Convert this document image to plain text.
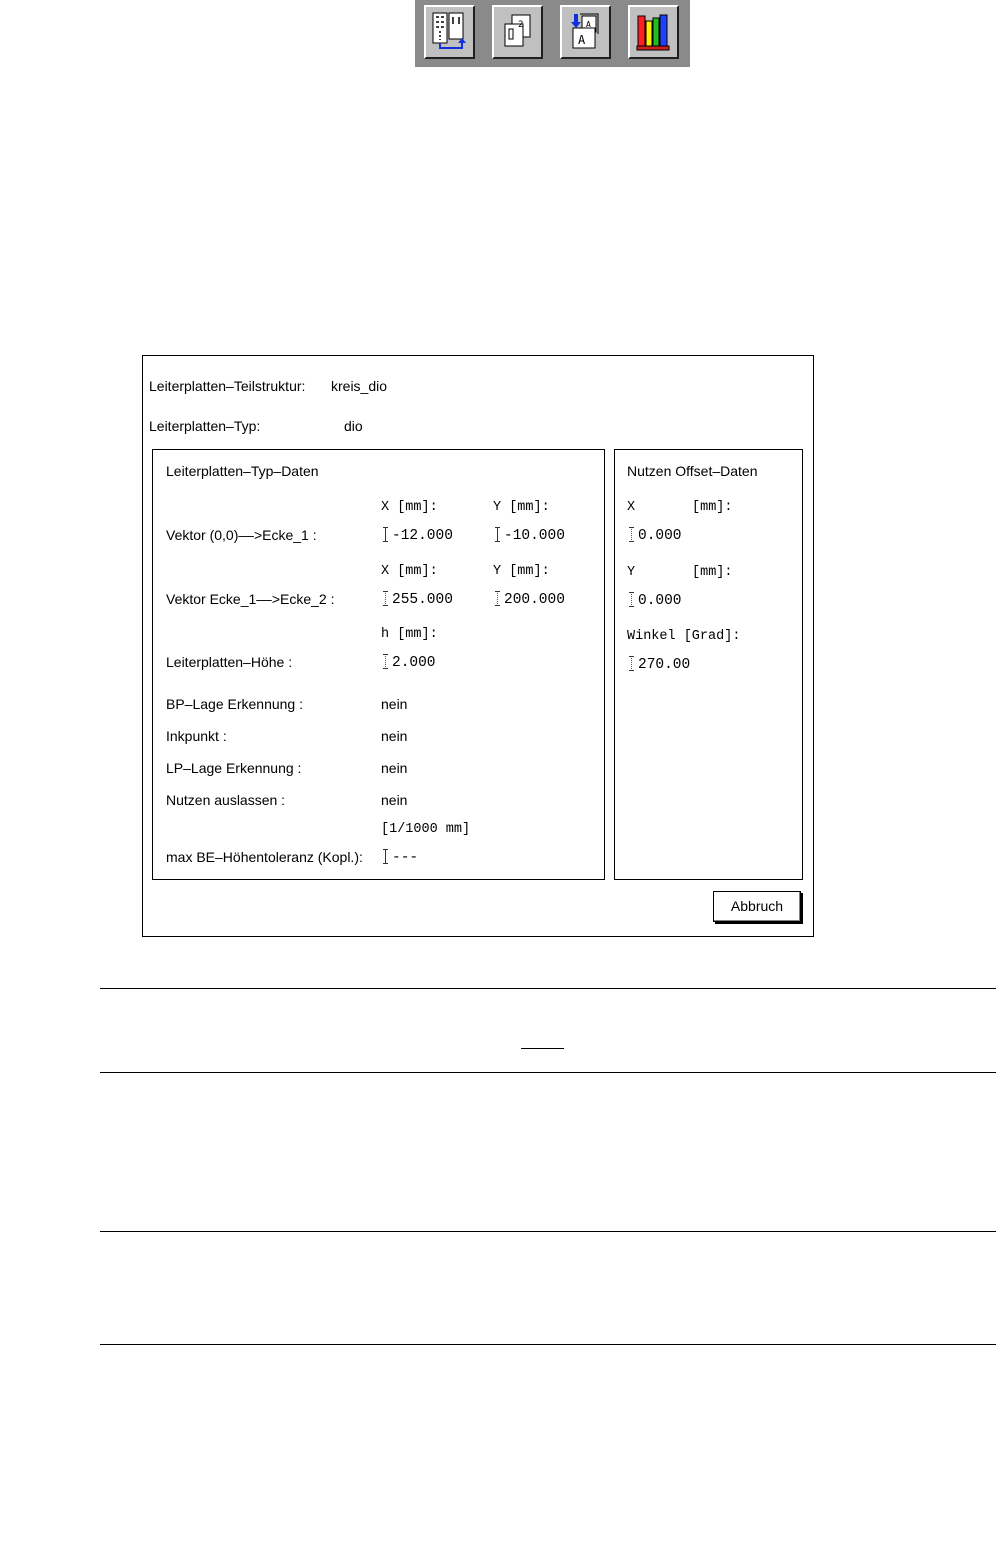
2
A
A
Leiterplatten–Teilstruktur: kreis_dio
Leiterplatten–Typ:	dio
Leiterplatten–Typ–Daten
X [mm]:	Y [mm]:
Vektor (0,0)––>Ecke_1 :	-12.000	-10.000
X [mm]:	Y [mm]:
Vektor Ecke_1––>Ecke_2 :	255.000	200.000
h [mm]:
Leiterplatten–Höhe :	2.000
BP–Lage Erkennung :	nein
Inkpunkt :	nein
LP–Lage Erkennung :	nein
Nutzen auslassen :	nein
[1/1000 mm]
max BE–Höhentoleranz (Kopl.):	---
Nutzen Offset–Daten
X	[mm]:
0.000
Y	[mm]:
0.000
Winkel [Grad]:
270.00
Abbruch
